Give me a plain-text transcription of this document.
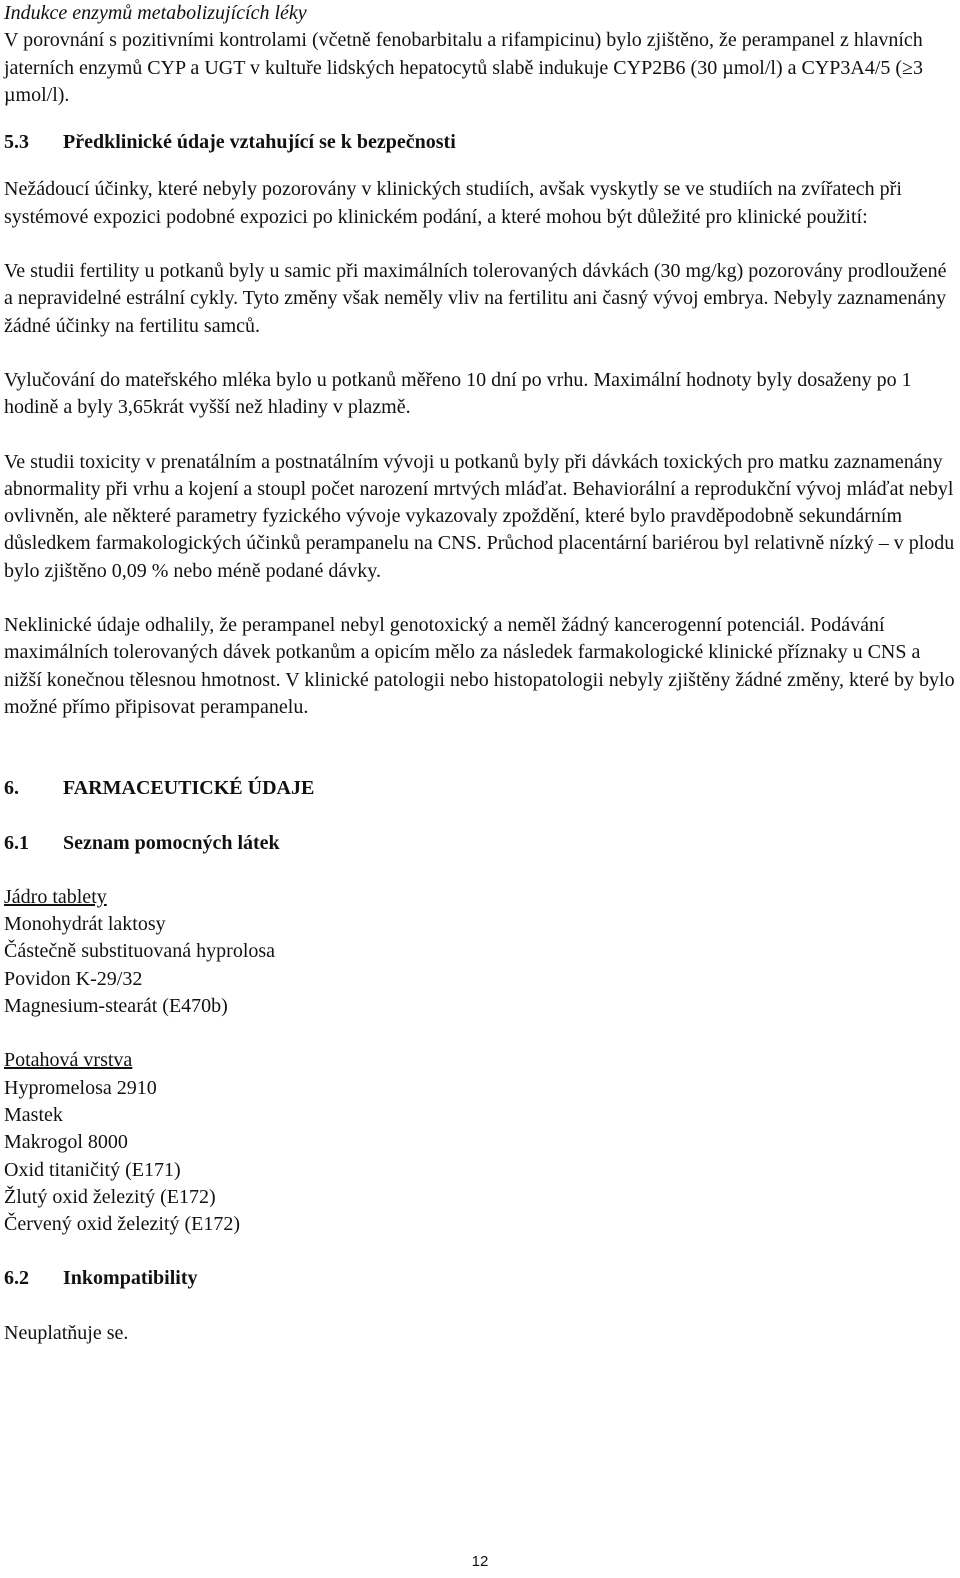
Indukce enzymů metabolizujících léky

V porovnání s pozitivními kontrolami (včetně fenobarbitalu a rifampicinu) bylo zjištěno, že perampanel z hlavních jaterních enzymů CYP a UGT v kultuře lidských hepatocytů slabě indukuje CYP2B6 (30 µmol/l) a CYP3A4/5 (≥3 µmol/l).

5.3	Předklinické údaje vztahující se k bezpečnosti

Nežádoucí účinky, které nebyly pozorovány v klinických studiích, avšak vyskytly se ve studiích na zvířatech při systémové expozici podobné expozici po klinickém podání, a které mohou být důležité pro klinické použití:

Ve studii fertility u potkanů byly u samic při maximálních tolerovaných dávkách (30 mg/kg) pozorovány prodloužené a nepravidelné estrální cykly. Tyto změny však neměly vliv na fertilitu ani časný vývoj embrya. Nebyly zaznamenány žádné účinky na fertilitu samců.

Vylučování do mateřského mléka bylo u potkanů měřeno 10 dní po vrhu. Maximální hodnoty byly dosaženy po 1 hodině a byly 3,65krát vyšší než hladiny v plazmě.

Ve studii toxicity v prenatálním a postnatálním vývoji u potkanů byly při dávkách toxických pro matku zaznamenány abnormality při vrhu a kojení a stoupl počet narození mrtvých mláďat. Behaviorální a reprodukční vývoj mláďat nebyl ovlivněn, ale některé parametry fyzického vývoje vykazovaly zpoždění, které bylo pravděpodobně sekundárním důsledkem farmakologických účinků perampanelu na CNS. Průchod placentární bariérou byl relativně nízký – v plodu bylo zjištěno 0,09 % nebo méně podané dávky.

Neklinické údaje odhalily, že perampanel nebyl genotoxický a neměl žádný kancerogenní potenciál. Podávání maximálních tolerovaných dávek potkanům a opicím mělo za následek farmakologické klinické příznaky u CNS a nižší konečnou tělesnou hmotnost. V klinické patologii nebo histopatologii nebyly zjištěny žádné změny, které by bylo možné přímo připisovat perampanelu.

6.	FARMACEUTICKÉ ÚDAJE
6.1	Seznam pomocných látek
Jádro tablety
Monohydrát laktosy
Částečně substituovaná hyprolosa
Povidon K-29/32
Magnesium-stearát (E470b)
Potahová vrstva
Hypromelosa 2910
Mastek
Makrogol 8000
Oxid titaničitý (E171)
Žlutý oxid železitý (E172)
Červený oxid železitý (E172)
6.2	Inkompatibility

Neuplatňuje se.

12
